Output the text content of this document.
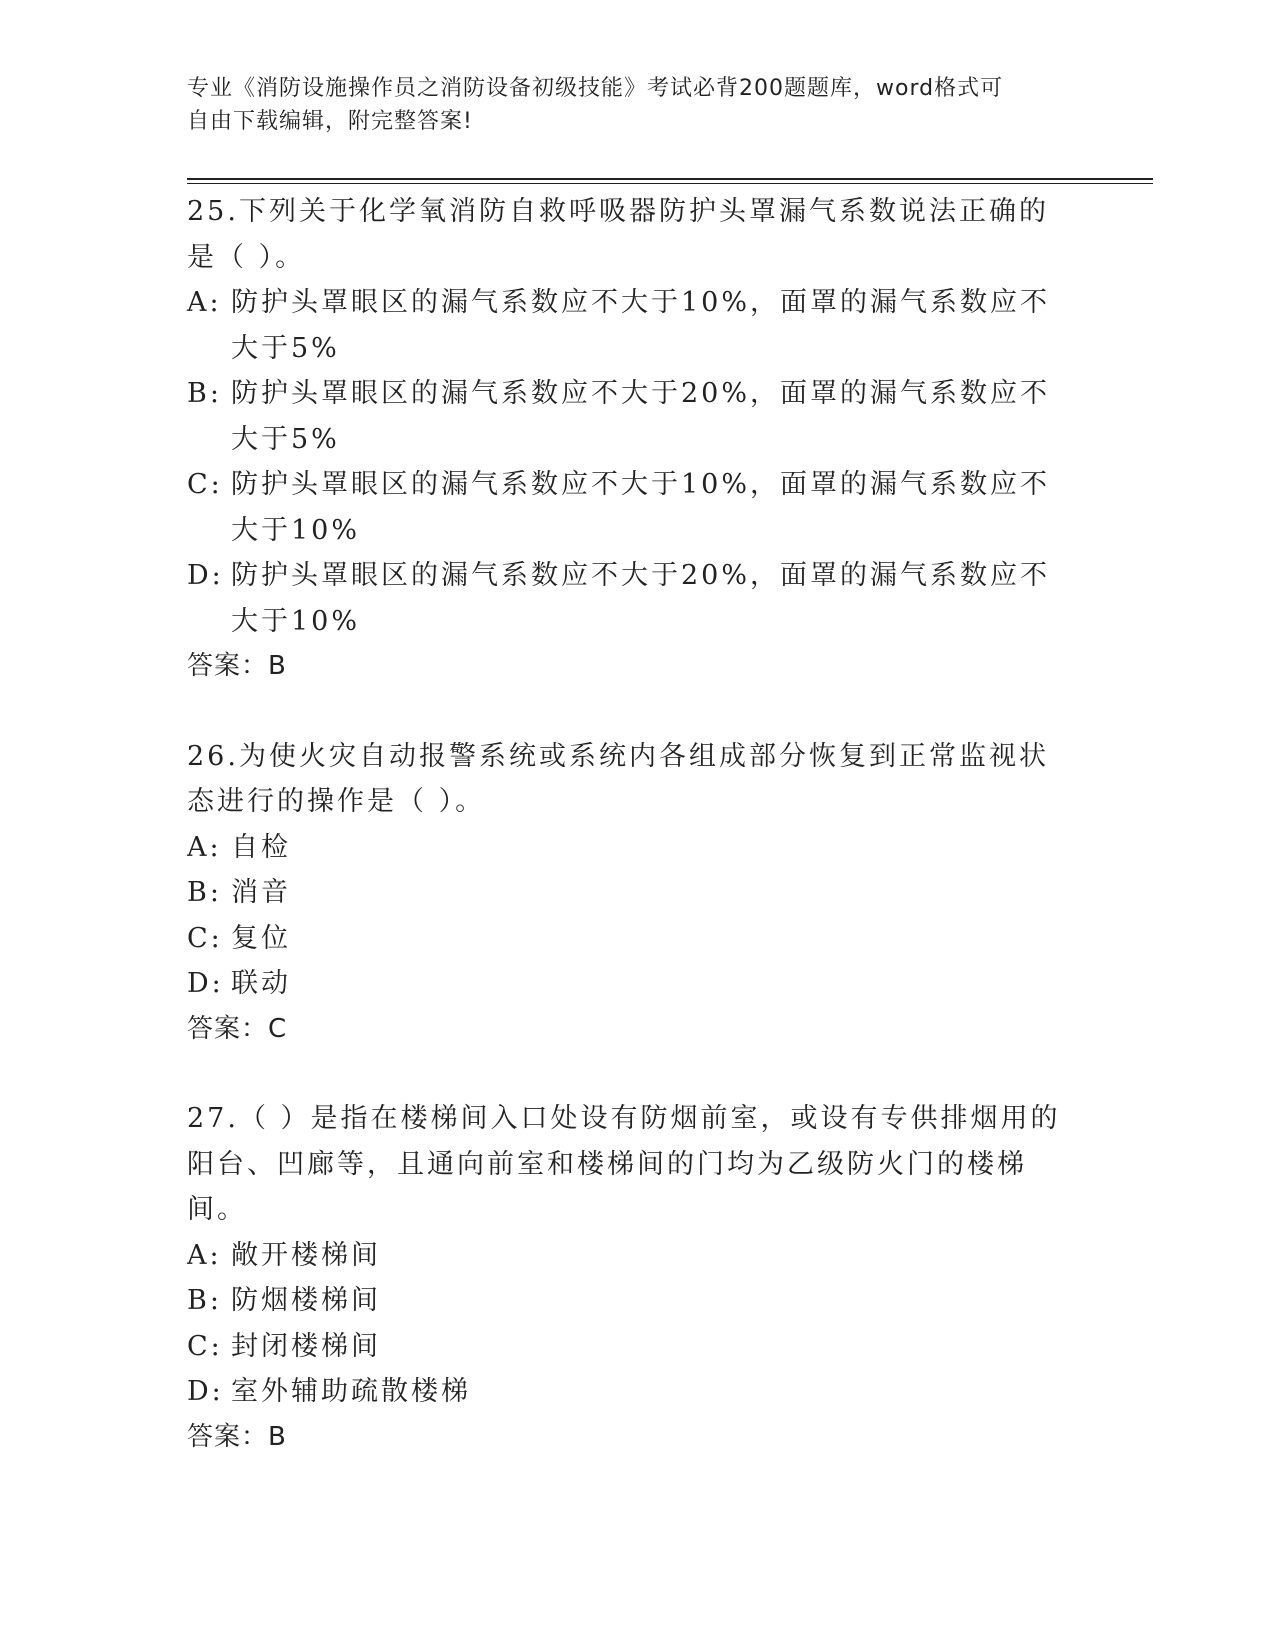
专业《消防设施操作员之消防设备初级技能》考试必背200题题库，word格式可
自由下载编辑，附完整答案!
25.下列关于化学氧消防自救呼吸器防护头罩漏气系数说法正确的是（ ）。
A: 防护头罩眼区的漏气系数应不大于10%，面罩的漏气系数应不大于5%
B: 防护头罩眼区的漏气系数应不大于20%，面罩的漏气系数应不大于5%
C: 防护头罩眼区的漏气系数应不大于10%，面罩的漏气系数应不大于10%
D: 防护头罩眼区的漏气系数应不大于20%，面罩的漏气系数应不大于10%
答案：B
26.为使火灾自动报警系统或系统内各组成部分恢复到正常监视状态进行的操作是（ ）。
A: 自检
B: 消音
C: 复位
D: 联动
答案：C
27.（ ）是指在楼梯间入口处设有防烟前室，或设有专供排烟用的阳台、凹廊等，且通向前室和楼梯间的门均为乙级防火门的楼梯间。
A: 敞开楼梯间
B: 防烟楼梯间
C: 封闭楼梯间
D: 室外辅助疏散楼梯
答案：B
